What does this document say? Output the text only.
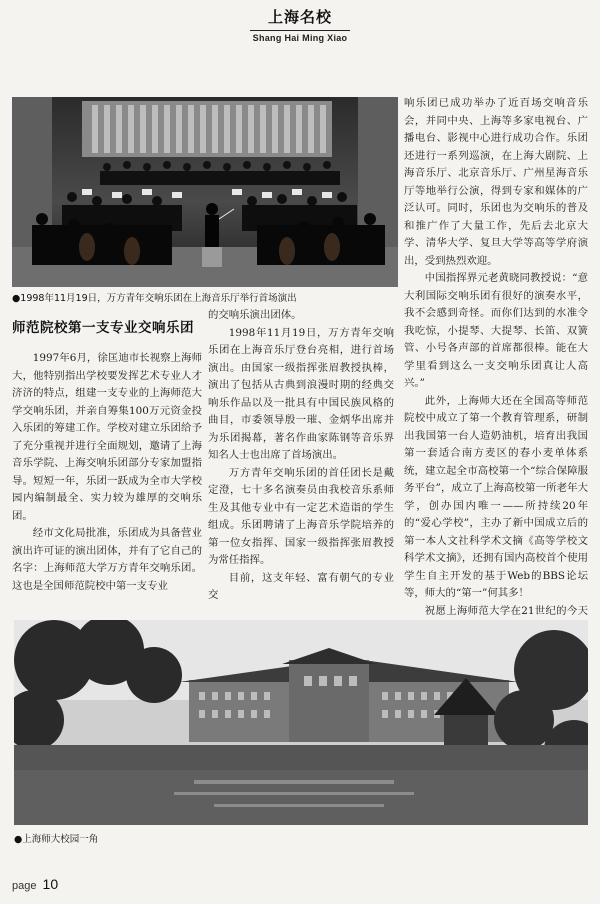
上海名校
Shang Hai Ming Xiao
●1998年11月19日，万方青年交响乐团在上海音乐厅举行首场演出
师范院校第一支专业交响乐团

1997年6月，徐匡迪市长视察上海师大，他特别指出学校要发挥艺术专业人才济济的特点，组建一支专业的上海师范大学交响乐团，并亲自筹集100万元资金投入乐团的筹建工作。学校对建立乐团给予了充分重视并进行全面规划，邀请了上海音乐学院、上海交响乐团部分专家加盟指导。短短一年，乐团一跃成为全市大学校园内编制最全、实力较为雄厚的交响乐团。

经市文化局批准，乐团成为具备营业演出许可证的演出团体，并有了它自己的名字：上海师范大学万方青年交响乐团。这也是全国师范院校中第一支专业

的交响乐演出团体。

1998年11月19日，万方青年交响乐团在上海音乐厅登台亮相，进行首场演出。由国家一级指挥张眉教授执棒，演出了包括从古典到浪漫时期的经典交响乐作品以及一批具有中国民族风格的曲目，市委领导殷一璀、金炳华出席并为乐团揭幕，著名作曲家陈钢等音乐界知名人士也出席了首场演出。

万方青年交响乐团的首任团长是戴定澄，七十多名演奏员由我校音乐系师生及其他专业中有一定艺术造诣的学生组成。乐团聘请了上海音乐学院培养的第一位女指挥、国家一级指挥张眉教授为常任指挥。

目前，这支年轻、富有朝气的专业交

响乐团已成功举办了近百场交响音乐会，并同中央、上海等多家电视台、广播电台、影视中心进行成功合作。乐团还进行一系列巡演，在上海大剧院、上海音乐厅、北京音乐厅、广州星海音乐厅等地举行公演，得到专家和媒体的广泛认可。同时，乐团也为交响乐的普及和推广作了大量工作，先后去北京大学、清华大学、复旦大学等高等学府演出，受到热烈欢迎。

中国指挥界元老黄晓同教授说：“意大利国际交响乐团有很好的演奏水平，我不会感到奇怪。而你们达到的水准令我吃惊，小提琴、大提琴、长笛、双簧管、小号各声部的首席都很棒。能在大学里看到这么一支交响乐团真让人高兴。”

此外，上海师大还在全国高等师范院校中成立了第一个教育管理系，研制出我国第一台人造奶油机，培育出我国第一套适合南方麦区的春小麦单体系统，建立起全市高校第一个“综合保障服务平台”，成立了上海高校第一所老年大学，创办国内唯一——所持续20年的“爱心学校”，主办了新中国成立后的第一本人文社科学术文摘《高等学校文科学术文摘》，还拥有国内高校首个使用学生自主开发的基于Web的BBS论坛等，师大的“第一”何其多！

祝愿上海师范大学在21世纪的今天

●上海师大校园一角
page 10
